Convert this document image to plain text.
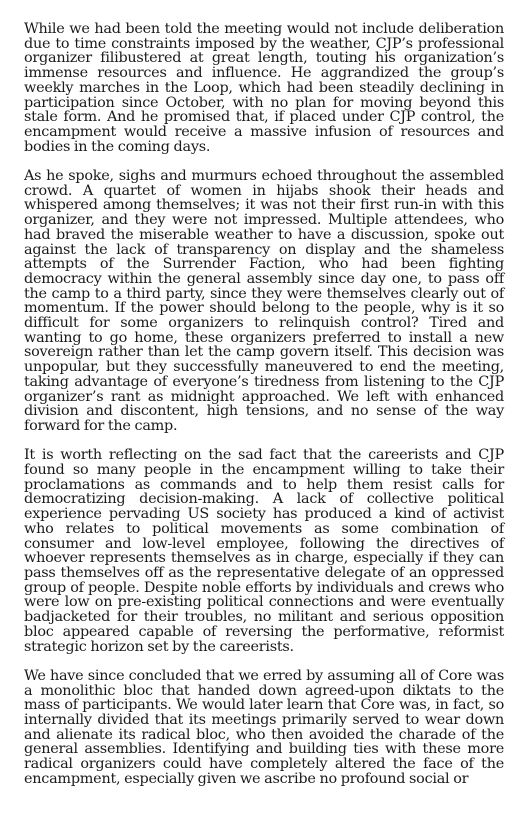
While we had been told the meeting would not include deliberation due to time constraints imposed by the weather, CJP’s professional organizer filibustered at great length, touting his organization’s immense resources and influence. He aggrandized the group’s weekly marches in the Loop, which had been steadily declining in participation since October, with no plan for moving beyond this stale form. And he promised that, if placed under CJP control, the encampment would receive a massive infusion of resources and bodies in the coming days.

As he spoke, sighs and murmurs echoed throughout the assembled crowd. A quartet of women in hijabs shook their heads and whispered among themselves; it was not their first run-in with this organizer, and they were not impressed. Multiple attendees, who had braved the miserable weather to have a discussion, spoke out against the lack of transparency on display and the shameless attempts of the Surrender Faction, who had been fighting democracy within the general assembly since day one, to pass off the camp to a third party, since they were themselves clearly out of momentum. If the power should belong to the people, why is it so difficult for some organizers to relinquish control? Tired and wanting to go home, these organizers preferred to install a new sovereign rather than let the camp govern itself. This decision was unpopular, but they successfully maneuvered to end the meeting, taking advantage of everyone’s tiredness from listening to the CJP organizer’s rant as midnight approached. We left with enhanced division and discontent, high tensions, and no sense of the way forward for the camp.

It is worth reflecting on the sad fact that the careerists and CJP found so many people in the encampment willing to take their proclamations as commands and to help them resist calls for democratizing decision-making. A lack of collective political experience pervading US society has produced a kind of activist who relates to political movements as some combination of consumer and low-level employee, following the directives of whoever represents themselves as in charge, especially if they can pass themselves off as the representative delegate of an oppressed group of people. Despite noble efforts by individuals and crews who were low on pre-existing political connections and were eventually badjacketed for their troubles, no militant and serious opposition bloc appeared capable of reversing the performative, reformist strategic horizon set by the careerists.

We have since concluded that we erred by assuming all of Core was a monolithic bloc that handed down agreed-upon diktats to the mass of participants. We would later learn that Core was, in fact, so internally divided that its meetings primarily served to wear down and alienate its radical bloc, who then avoided the charade of the general assemblies. Identifying and building ties with these more radical organizers could have completely altered the face of the encampment, especially given we ascribe no profound social or
